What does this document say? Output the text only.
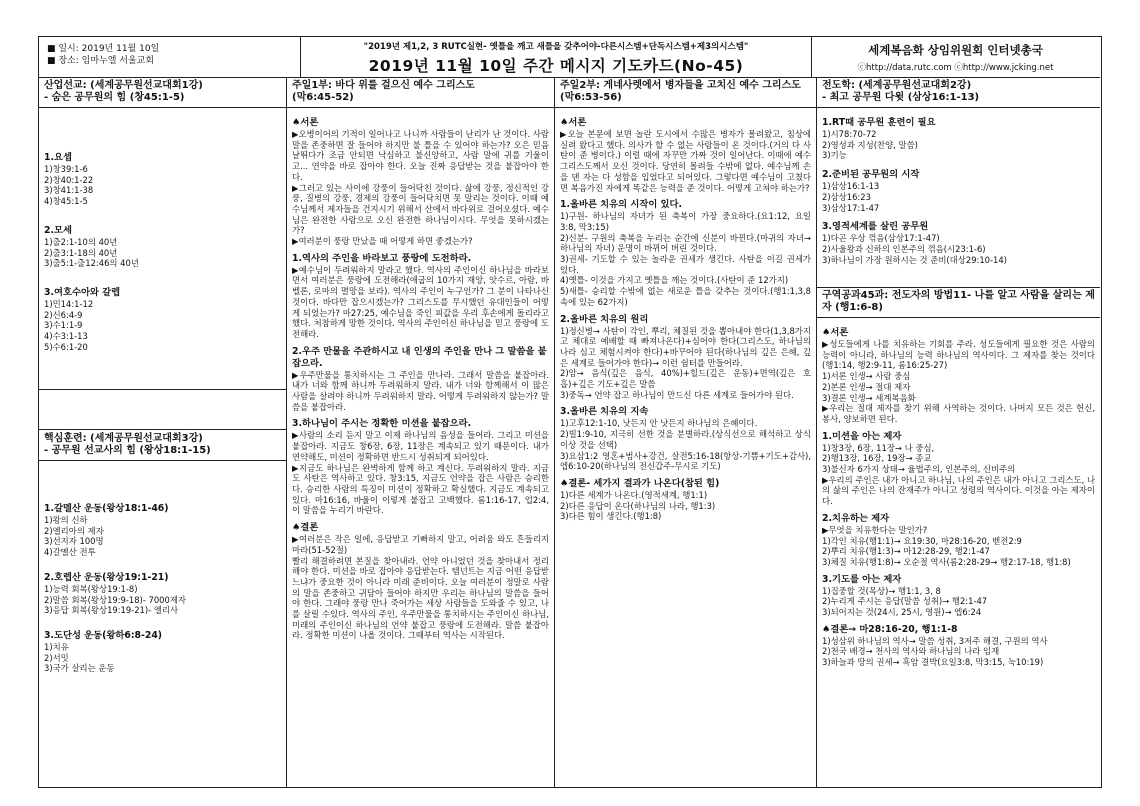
■ 일시: 2019년 11월 10일
■ 장소: 임마누엘 서울교회
"2019년 제1,2, 3 RUTC실현- 옛틀을 깨고 새틀을 갖추어야-다른시스템+단독시스템+제3의시스템"
2019년 11월 10일 주간 메시지 기도카드(No-45)
세계복음화 상임위원회 인터넷총국
ⓒhttp://data.rutc.com ⓒhttp://www.jcking.net
산업선교: (세계공무원선교대회1강)
- 숨은 공무원의 힘 (창45:1-5)
1.요셉
1)창39:1-6
2)창40:1-22
3)창41:1-38
4)창45:1-5
2.모세
1)출2:1-10의 40년
2)출3:1-18의 40년
3)출5:1-출12:46의 40년
3.여호수아와 갈렙
1)민14:1-12
2)신6:4-9
3)수1:1-9
4)수3:1-13
5)수6:1-20
핵심훈련: (세계공무원선교대회3강)
- 공무원 선교사의 힘 (왕상18:1-15)
1.갈멜산 운동(왕상18:1-46)
1)왕의 신하
2)엘리아의 제자
3)선지자 100명
4)갈멜산 전투
2.호렙산 운동(왕상19:1-21)
1)능력 회복(왕상19:1-8)
2)말씀 회복(왕상19:9-18)- 7000제자
3)응답 회복(왕상19:19-21)- 엘리사
3.도단성 운동(왕하6:8-24)
1)치유
2)서밋
3)국가 살리는 운동
주일1부: 바다 위를 걸으신 예수 그리스도
(막6:45-52)
♠서론

▶오병이어의 기적이 일어나고 나니까 사람들이 난리가 난 것이다. 사람 말을 존중하면 잘 들어야 하지만 불 틀을 수 있어야 하는가? 오은 믿음 날뛰다가 조금 안되면 낙심하고 불신앙하고, 사람 말에 귀를 기울이고... 연약을 바로 잡아야 한다. 오늘 진짜 응답받는 것을 붙잡아야 한다.

▶그러고 있는 사이에 강풍이 들어닥친 것이다. 삶에 강풍, 정신적인 강풍, 질병의 강풍, 경제의 강풍이 들어닥치면 못 말리는 것이다. 이때 예수님께서 제자들을 건지시기 위해서 산에서 바다위로 걸어오셨다. 예수님은 완전한 사람으로 오신 완전한 하나님이시다. 무엇을 못하시겠는가?

▶여러분이 풍랑 만났을 때 어떻게 하면 좋겠는가?

1.역사의 주인을 바라보고 풍랑에 도전하라.

▶예수님이 두려워하지 말라고 했다. 역사의 주인이신 하나님을 바라보면서 여러분은 풍랑에 도전해라(애굽의 10가지 재앙, 앗수르, 아람, 바벨론, 로마의 멸망을 보라). 역사의 주인이 누구인가? 그 분이 나타나신 것이다. 바다만 잡으시겠는가? 그리스도를 무시했던 유대인들이 어떻게 되었는가? 마27:25, 예수님을 죽인 피값을 우리 후손에게 돌리라고 했다. 처참하게 망한 것이다. 역사의 주인이신 하나님을 믿고 풍랑에 도전해라.

2.우주 만물을 주관하시고 내 인생의 주인을 만나 그 말씀을 붙잡으라.

▶우주만물을 통치하시는 그 주인을 만나라. 그래서 말씀을 붙잡아라. 내가 너와 함께 하니까 두려워하지 말라. 내가 너와 함께해서 이 많은 사람을 살려야 하니까 두려워하지 말라. 어떻게 두려워하지 않는가? 말씀을 붙잡아라.

3.하나님이 주시는 정확한 미션을 붙잡으라.

▶사람의 소리 듣지 말고 이제 하나님의 음성을 들어라. 그리고 미션을 붙잡아라. 지금도 창6장, 6장, 11장은 계속되고 있기 때문이다. 내가 연약해도, 미션이 정확하면 반드시 성취되게 되어있다.

▶지금도 하나님은 완벽하게 함께 하고 계신다. 두려워하지 말라. 지금도 사탄은 역사하고 있다. 창3:15, 지금도 언약을 잡은 사람은 승리한다. 승리한 사람의 특징이 미션이 정확하고 확실했다. 지금도 계속되고 있다. 마16:16, 바울이 이렇게 붙잡고 고백했다. 롬1:16-17, 업2:4, 이 말씀을 누리기 바란다.

♠결론

▶여러분은 작은 일에, 응답받고 기뻐하지 말고, 어려움 와도 흔들리지 마라(51-52절)

빨리 해결하려면 본질을 찾아내라. 언약 아니었던 것을 찾아내서 정리해야 한다. 미션을 바로 잡아야 응답받는다. 템넌트는 지금 어떤 응답받느냐가 중요한 것이 아니라 미래 준비이다. 오늘 여러분이 정말로 사람의 말을 존중하고 귀담아 들어야 하지만 우리는 하나님의 말씀을 들어야 한다. 그래야 풍랑 만나 죽어가는 세상 사람들을 도와줄 수 있고, 나를 살릴 수있다. 역사의 주인, 우주만물을 통치하시는 주인이신 하나님, 미래의 주인이신 하나님의 언약 붙잡고 풍랑에 도전해라. 말씀 붙잡아라. 정확한 미션이 나올 것이다. 그때부터 역사는 시작된다.

주일2부: 게네사렛에서 병자들을 고치신 예수 그리스도 (막6:53-56)
♠서론

▶오늘 본문에 보면 놀란 도시에서 수많은 병자가 몰려왔고, 침상에 실려 왔다고 했다. 의사가 할 수 없는 사람들이 온 것이다.(거의 다 사탄이 준 병이다.) 이럴 때에 자꾸만 가짜 것이 일어난다. 이때에 예수 그리스도께서 오신 것이다. 당연히 몰려들 수밖에 없다. 예수님께 손을 댄 자는 다 성함을 입었다고 되어있다. 그렇다면 예수님이 고쳤다면 복음가진 자에게 똑같은 능력을 준 것이다. 어떻게 고쳐야 하는가?

1.올바른 치유의 시작이 있다.

1)구원- 하나님의 자녀가 된 축복이 가장 중요하다.(요1:12, 요일3:8, 막3:15)

2)신분- 구원의 축복을 누리는 순간에 신분이 바뀐다.(마귀의 자녀→ 하나님의 자녀) 운명이 바뀌어 버린 것이다.

3)권세- 기도할 수 있는 놀라운 권세가 생긴다. 사탄을 이길 권세가 있다.

4)옛틀- 이것을 가지고 옛틀을 깨는 것이다.(사탄이 준 12가지)

5)새틀- 승리할 수밖에 없는 새로운 틀을 갖추는 것이다.(행1:1,3,8속에 있는 62가지)

2.올바른 치유의 원리

1)정신병→ 사탄이 각인, 뿌리, 체질된 것을 뽑아내야 한다(1,3,8가지고 체대로 예배할 때 빠져나온다)+심어야 한다(그리스도, 하나님의 나라 심고 체험시켜야 한다)+바꾸어야 된다(하나님의 깊은 은혜, 깊은 세계로 들어가야 한다)→ 이런 쉼터를 만들어라.

2)암→ 음식(깊은 음식, 40%)+힐드(깊은 운동)+면역(깊은 호흡)+깊은 기도+깊은 말씀

3)중독→ 언약 잡고 하나님이 만드신 다른 세계로 들어가야 된다.

3.올바른 치유의 지속

1)고후12:1-10, 낫든지 안 낫든지 하나님의 은혜이다.

2)빌1:9-10, 지극히 선한 것을 분별하라.(상식선으로 해석하고 상식 이상 것을 선택)

3)요삼1:2 영혼+범사+강건, 살전5:16-18(항상-기쁨+기도+감사), 엡6:10-20(하나님의 전신갑주-무시로 기도)

♠결론- 세가지 결과가 나온다(참된 힘)

1)다른 세계가 나온다.(영적세계, 행1:1)

2)다른 응답이 온다(하나님의 나라, 행1:3)

3)다른 힘이 생긴다.(행1:8)

전도학: (세계공무원선교대회2강)
- 최고 공무원 다윗 (삼상16:1-13)
1.RT때 공무원 훈련이 필요
1)시78:70-72
2)영성과 지성(찬양, 말씀)
3)기능
2.준비된 공무원의 시작
1)삼상16:1-13
2)삼상16:23
3)삼상17:1-47
3.영적세계를 살린 공무원
1)다곤 우상 꺾음(삼상17:1-47)
2)사울왕과 신하의 인본주의 꺾음(시23:1-6)
3)하나님이 가장 원하시는 것 준비(대상29:10-14)
구역공과45과: 전도자의 방법11- 나를 알고 사람을 살리는 제자 (행1:6-8)
♠서론

▶성도들에게 나를 치유하는 기회를 주라. 성도들에게 필요한 것은 사람의 능력이 아니라, 하나님의 능력 하나님의 역사이다. 그 제자를 찾는 것이다(행1:14, 행2:9-11, 롬16:25-27)

1)서론 인생→ 사람 중심

2)본론 인생→ 절대 제자

3)결론 인생→ 세계복음화

▶우리는 절대 제자를 찾기 위해 사역하는 것이다. 나머지 모든 것은 헌신, 봉사, 양보하면 된다.

1.미션을 아는 제자

1)창3장, 6장, 11장→ 나 중심,

2)행13장, 16장, 19장→ 종교

3)불신자 6가지 상태→ 율법주의, 인본주의, 신비주의

▶우리의 주인은 내가 아니고 하나님, 나의 주인은 내가 아니고 그리스도, 나의 삶의 주인은 나의 잔재주가 아니고 성령의 역사이다. 이것을 아는 제자이다.

2.치유하는 제자

▶무엇을 치유한다는 말인가?

1)각인 치유(행1:1)→ 요19:30, 마28:16-20, 벧전2:9

2)뿌리 치유(행1:3)→ 마12:28-29, 행2:1-47

3)체질 치유(행1:8)→ 오순절 역사(롬2:28-29→ 행2:17-18, 행1:8)

3.기도를 아는 제자

1)집중할 것(목상)→ 행1:1, 3, 8

2)누리게 주시는 응답(말씀 성취)→ 행2:1-47

3)되어지는 것(24시, 25시, 영원)→ 엡6:24

♠결론→ 마28:16-20, 행1:1-8

1)성삼위 하나님의 역사→ 말씀 성취, 3저주 해결, 구원의 역사

2)천국 배경→ 천사의 역사와 하나님의 나라 임재

3)하늘과 땅의 권세→ 흑암 결박(요일3:8, 막3:15, 눅10:19)
